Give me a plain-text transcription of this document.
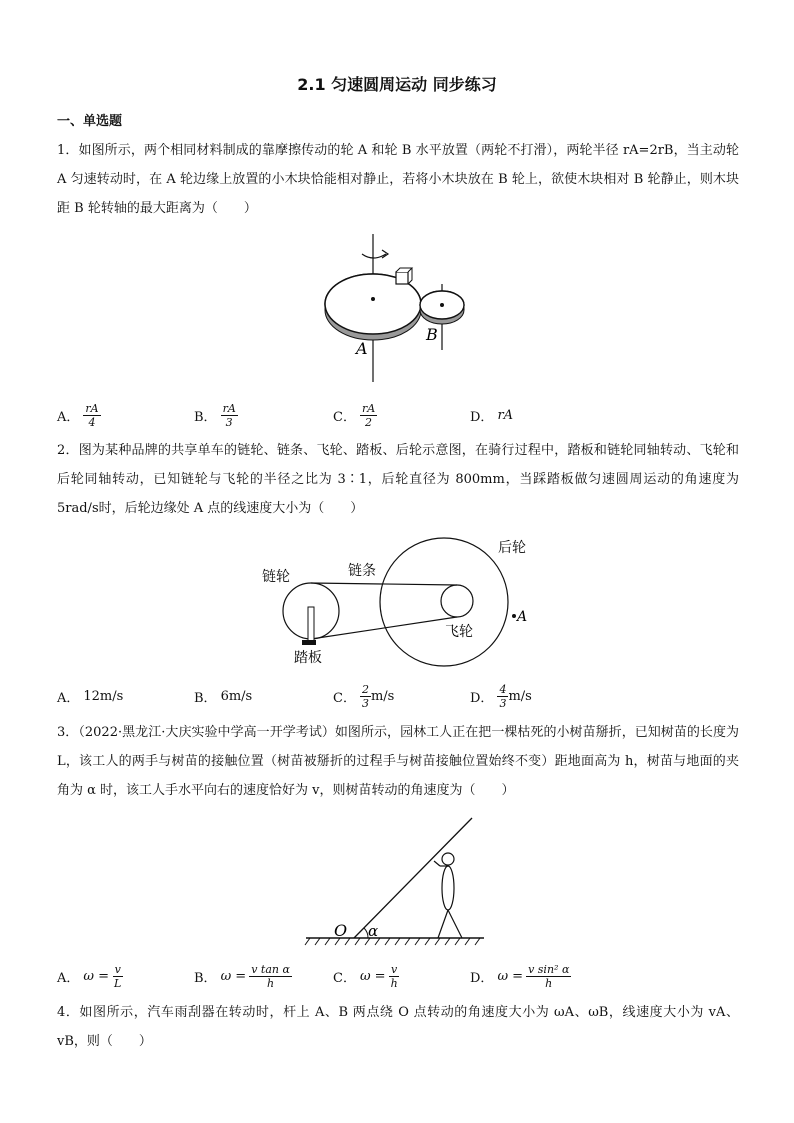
2.1 匀速圆周运动 同步练习
一、单选题
1．如图所示，两个相同材料制成的靠摩擦传动的轮 A 和轮 B 水平放置（两轮不打滑），两轮半径 rA=2rB，当主动轮 A 匀速转动时，在 A 轮边缘上放置的小木块恰能相对静止，若将小木块放在 B 轮上，欲使木块相对 B 轮静止，则木块距 B 轮转轴的最大距离为（　　）
A
B
A． $\frac{rA}{4}$	B． $\frac{rA}{3}$	C． $\frac{rA}{2}$	D． rA
2．图为某种品牌的共享单车的链轮、链条、飞轮、踏板、后轮示意图，在骑行过程中，踏板和链轮同轴转动、飞轮和后轮同轴转动，已知链轮与飞轮的半径之比为 3∶1，后轮直径为 800mm，当踩踏板做匀速圆周运动的角速度为 5rad/s时，后轮边缘处 A 点的线速度大小为（　　）
后轮
链条
链轮
飞轮
踏板
A
A． 12m/s	B． 6m/s	C． $\frac{2}{3} m/s$	D． $\frac{4}{3} m/s$
3．（2022·黑龙江·大庆实验中学高一开学考试）如图所示，园林工人正在把一棵枯死的小树苗掰折，已知树苗的长度为 L，该工人的两手与树苗的接触位置（树苗被掰折的过程手与树苗接触位置始终不变）距地面高为 h，树苗与地面的夹角为 α 时，该工人手水平向右的速度恰好为 v，则树苗转动的角速度为（　　）
O α
A． $\omega = \frac{v}{L}$	B． $\omega = \frac{\text{v tan α}}{h}$	C． $\omega = \frac{v}{h}$	D． $\omega = \frac{\text{v sin² α}}{h}$
4．如图所示，汽车雨刮器在转动时，杆上 A、B 两点绕 O 点转动的角速度大小为 ωA、ωB，线速度大小为 vA、vB，则（　　）
